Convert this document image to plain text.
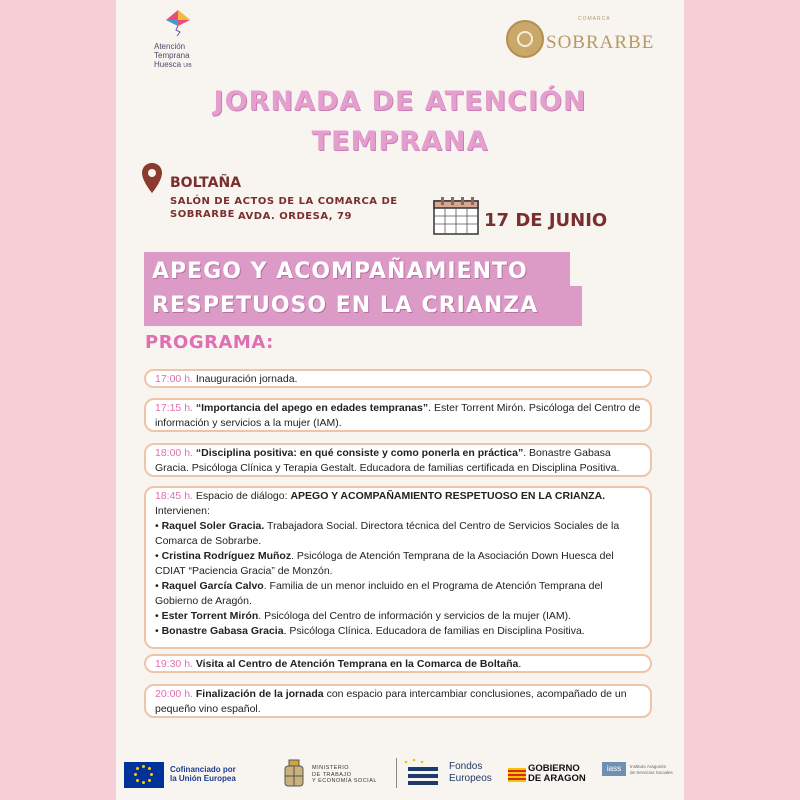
Atención
Temprana
Huesca UIB
COMARCA
SOBRARBE
JORNADA DE ATENCIÓN
TEMPRANA
BOLTAÑA
SALÓN DE ACTOS DE LA COMARCA DE
SOBRARBE AVDA. ORDESA, 79	17 DE JUNIO
APEGO Y ACOMPAÑAMIENTO
RESPETUOSO EN LA CRIANZA
PROGRAMA:
17:00 h. Inauguración jornada.
17:15 h. “Importancia del apego en edades tempranas”. Ester Torrent Mirón. Psicóloga del Centro de información y servicios a la mujer (IAM).
18:00 h. “Disciplina positiva: en qué consiste y como ponerla en práctica”. Bonastre Gabasa Gracia. Psicóloga Clínica y Terapia Gestalt. Educadora de familias certificada en Disciplina Positiva.
18:45 h. Espacio de diálogo: APEGO Y ACOMPAÑAMIENTO RESPETUOSO EN LA CRIANZA.
Intervienen:
• Raquel Soler Gracia. Trabajadora Social. Directora técnica del Centro de Servicios Sociales de la Comarca de Sobrarbe.
• Cristina Rodríguez Muñoz. Psicóloga de Atención Temprana de la Asociación Down Huesca del CDIAT “Paciencia Gracia” de Monzón.
• Raquel García Calvo. Familia de un menor incluido en el Programa de Atención Temprana del Gobierno de Aragón.
• Ester Torrent Mirón. Psicóloga del Centro de información y servicios de la mujer (IAM).
• Bonastre Gabasa Gracia. Psicóloga Clínica. Educadora de familias en Disciplina Positiva.
19:30 h. Visita al Centro de Atención Temprana en la Comarca de Boltaña.
20:00 h. Finalización de la jornada con espacio para intercambiar conclusiones, acompañado de un pequeño vino español.
Cofinanciado por
la Unión Europea
MINISTERIO
DE TRABAJO
Y ECONOMÍA SOCIAL
Fondos
Europeos
GOBIERNO
DE ARAGON
iass	Instituto Aragonés
de Servicios Sociales
